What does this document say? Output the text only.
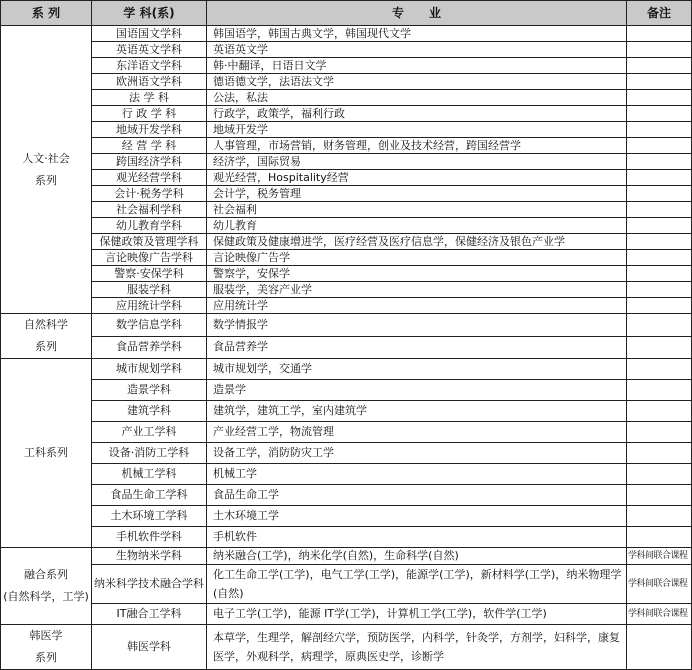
系 列	学 科(系)	专      业	备注
人文·社会
系列	国语国文学科	韩国语学，韩国古典文学，韩国现代文学	
	英语英文学科	英语英文学	
	东洋语文学科	韩·中翻译，日语日文学	
	欧洲语文学科	德语德文学，法语法文学	
	法 学 科	公法，私法	
	行 政 学 科	行政学，政策学，福利行政	
	地域开发学科	地域开发学	
	经 营 学 科	人事管理，市场营销，财务管理，创业及技术经营，跨国经营学	
	跨国经济学科	经济学，国际贸易	
	观光经营学科	观光经营，Hospitality经营	
	会计·税务学科	会计学，税务管理	
	社会福利学科	社会福利	
	幼儿教育学科	幼儿教育	
	保健政策及管理学科	保健政策及健康增进学，医疗经营及医疗信息学，保健经济及银色产业学	
	言论映像广告学科	言论映像广告学	
	警察·安保学科	警察学，安保学	
	服装学科	服装学，美容产业学	
	应用统计学科	应用统计学	
自然科学
系列	数学信息学科	数学情报学	
	食品营养学科	食品营养学	
工科系列	城市规划学科	城市规划学，交通学	
	造景学科	造景学	
	建筑学科	建筑学，建筑工学，室内建筑学	
	产业工学科	产业经营工学，物流管理	
	设备·消防工学科	设备工学，消防防灾工学	
	机械工学科	机械工学	
	食品生命工学科	食品生命工学	
	土木环境工学科	土木环境工学	
	手机软件学科	手机软件	
融合系列
(自然科学，工学)	生物纳米学科	纳米融合(工学)，纳米化学(自然)，生命科学(自然)	学科间联合课程
	纳米科学技术融合学科	化工生命工学(工学)，电气工学(工学)，能源学(工学)，新材料学(工学)，纳米物理学(自然)	学科间联合课程
	IT融合工学科	电子工学(工学)，能源 IT学(工学)，计算机工学(工学)，软件学(工学)	学科间联合课程
韩医学
系列	韩医学科	本草学，生理学，解剖经穴学，预防医学，内科学，针灸学，方剂学，妇科学，康复医学，外观科学，病理学，原典医史学，诊断学	
